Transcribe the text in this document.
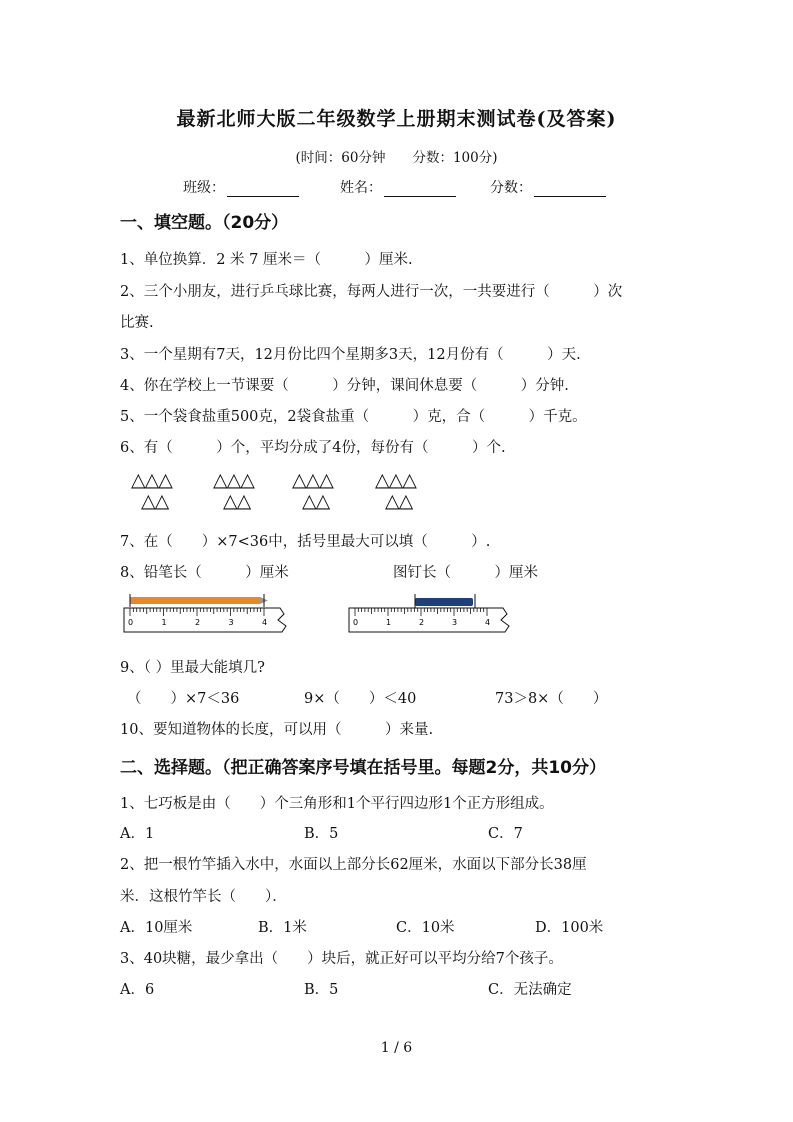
最新北师大版二年级数学上册期末测试卷(及答案)
(时间：60分钟　　分数：100分)
班级：	姓名：	分数：
一、填空题。（20分）
1、单位换算．2 米 7 厘米＝（　　　）厘米.
2、三个小朋友，进行乒乓球比赛，每两人进行一次，一共要进行（　　　）次
比赛.
3、一个星期有7天，12月份比四个星期多3天，12月份有（　　　）天.
4、你在学校上一节课要（　　　）分钟，课间休息要（　　　）分钟.
5、一个袋食盐重500克，2袋食盐重（　　　）克，合（　　　）千克。
6、有（　　　）个，平均分成了4份，每份有（　　　）个.
△△△
△△
△△△
△△
△△△
△△
△△△
△△
7、在（　　）×7<36中，括号里最大可以填（　　　）.
8、铅笔长（　　　）厘米	图钉长（　　　）厘米
0	1	2	3	4	0	1	2	3	4
9、（ ）里最大能填几?
（　　）×7＜36	9×（　　）＜40	73＞8×（　　）
10、要知道物体的长度，可以用（　　　）来量.
二、选择题。（把正确答案序号填在括号里。每题2分，共10分）
1、七巧板是由（　　）个三角形和1个平行四边形1个正方形组成。
A．1	B．5	C．7
2、把一根竹竿插入水中，水面以上部分长62厘米，水面以下部分长38厘
米．这根竹竿长（　　）．
A．10厘米	B．1米	C．10米	D．100米
3、40块糖，最少拿出（　　）块后，就正好可以平均分给7个孩子。
A．6	B．5	C．无法确定
1 / 6
